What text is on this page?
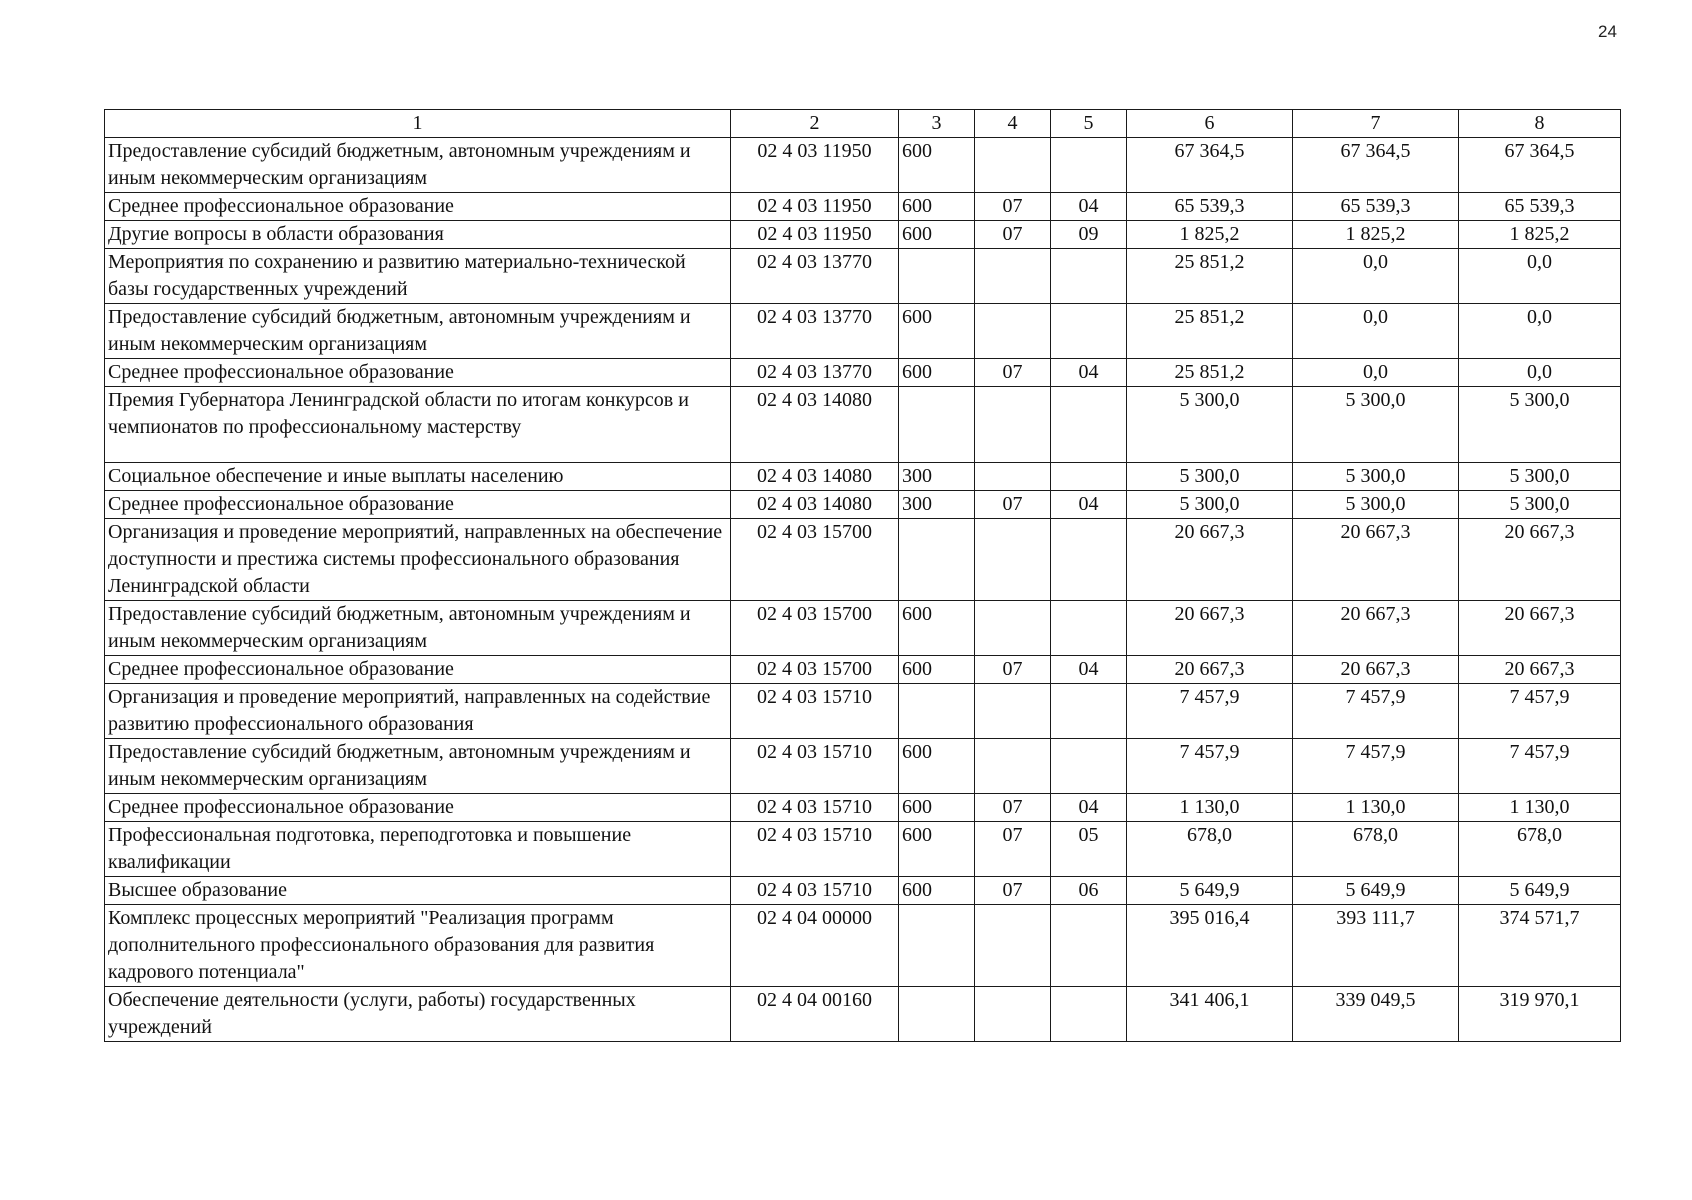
24
1	2	3	4	5	6	7	8
Предоставление субсидий бюджетным, автономным учреждениям и иным некоммерческим организациям	02 4 03 11950	600			67 364,5	67 364,5	67 364,5
Среднее профессиональное образование	02 4 03 11950	600	07	04	65 539,3	65 539,3	65 539,3
Другие вопросы в области образования	02 4 03 11950	600	07	09	1 825,2	1 825,2	1 825,2
Мероприятия по сохранению и развитию материально-технической базы государственных учреждений	02 4 03 13770				25 851,2	0,0	0,0
Предоставление субсидий бюджетным, автономным учреждениям и иным некоммерческим организациям	02 4 03 13770	600			25 851,2	0,0	0,0
Среднее профессиональное образование	02 4 03 13770	600	07	04	25 851,2	0,0	0,0
Премия Губернатора Ленинградской области по итогам конкурсов и чемпионатов по профессиональному мастерству	02 4 03 14080				5 300,0	5 300,0	5 300,0
Социальное обеспечение и иные выплаты населению	02 4 03 14080	300			5 300,0	5 300,0	5 300,0
Среднее профессиональное образование	02 4 03 14080	300	07	04	5 300,0	5 300,0	5 300,0
Организация и проведение мероприятий, направленных на обеспечение доступности и престижа системы профессионального образования Ленинградской области	02 4 03 15700				20 667,3	20 667,3	20 667,3
Предоставление субсидий бюджетным, автономным учреждениям и иным некоммерческим организациям	02 4 03 15700	600			20 667,3	20 667,3	20 667,3
Среднее профессиональное образование	02 4 03 15700	600	07	04	20 667,3	20 667,3	20 667,3
Организация и проведение мероприятий, направленных на содействие развитию профессионального образования	02 4 03 15710				7 457,9	7 457,9	7 457,9
Предоставление субсидий бюджетным, автономным учреждениям и иным некоммерческим организациям	02 4 03 15710	600			7 457,9	7 457,9	7 457,9
Среднее профессиональное образование	02 4 03 15710	600	07	04	1 130,0	1 130,0	1 130,0
Профессиональная подготовка, переподготовка и повышение квалификации	02 4 03 15710	600	07	05	678,0	678,0	678,0
Высшее образование	02 4 03 15710	600	07	06	5 649,9	5 649,9	5 649,9
Комплекс процессных мероприятий "Реализация программ дополнительного профессионального образования для развития кадрового потенциала"	02 4 04 00000				395 016,4	393 111,7	374 571,7
Обеспечение деятельности (услуги, работы) государственных учреждений	02 4 04 00160				341 406,1	339 049,5	319 970,1
